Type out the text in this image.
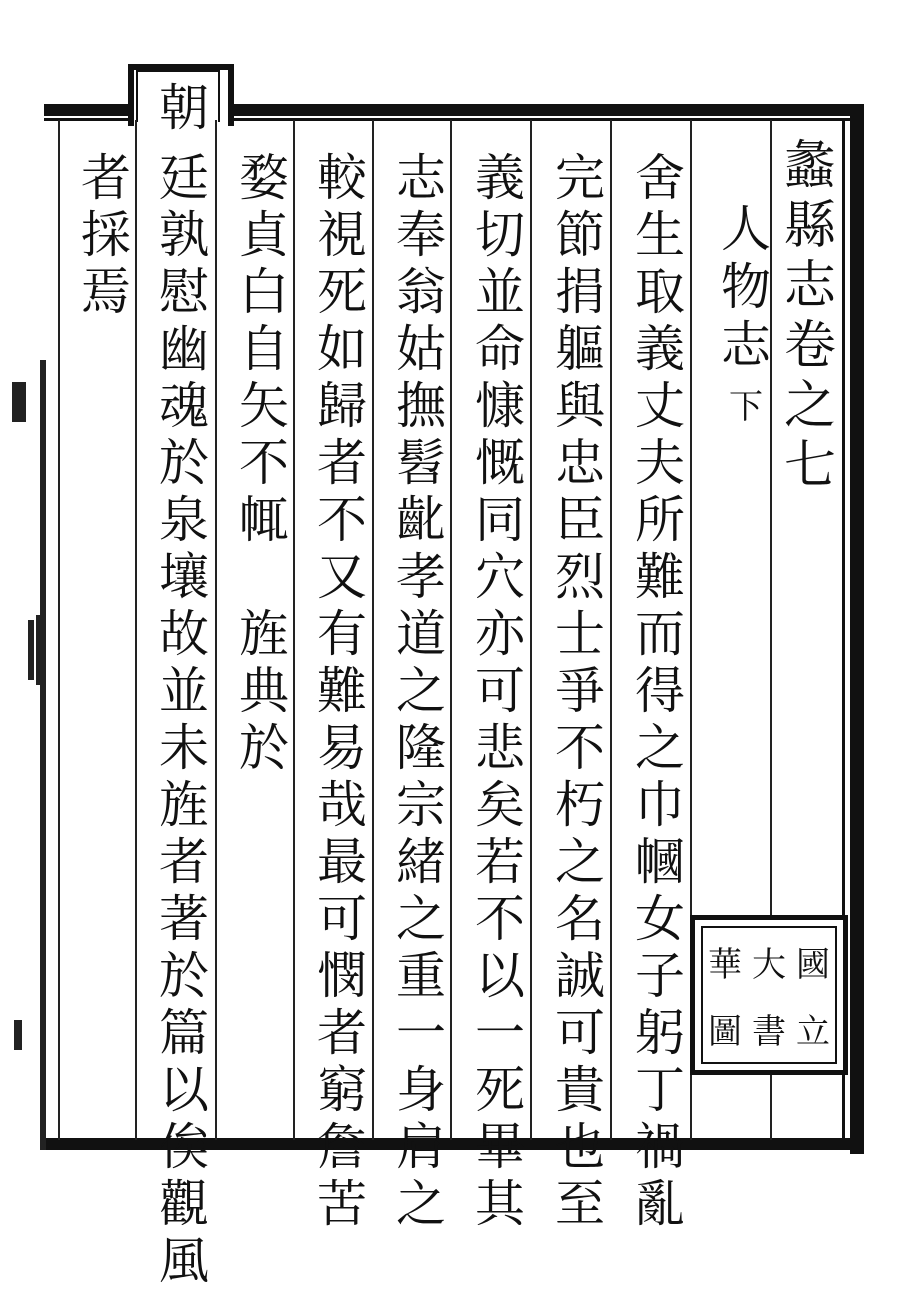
蠡
縣
志
卷
之
七
人
物
志
下
舍
生
取
義
丈
夫
所
難
而
得
之
巾
幗
女
子
躬
丁
禍
亂
完
節
捐
軀
與
忠
臣
烈
士
爭
不
朽
之
名
誠
可
貴
也
至
義
切
並
命
慷
慨
同
穴
亦
可
悲
矣
若
不
以
一
死
畢
其
志
奉
翁
姑
撫
髫
齔
孝
道
之
隆
宗
緒
之
重
一
身
肩
之
較
視
死
如
歸
者
不
又
有
難
易
哉
最
可
憫
者
窮
詹
苦
婺
貞
白
自
矢
不
㡇

旌
典
於
廷
孰
慰
幽
魂
於
泉
壤
故
並
未
旌
者
著
於
篇
以
俟
觀
風
者
採
焉
華 大 國
圖 書 立
朝
